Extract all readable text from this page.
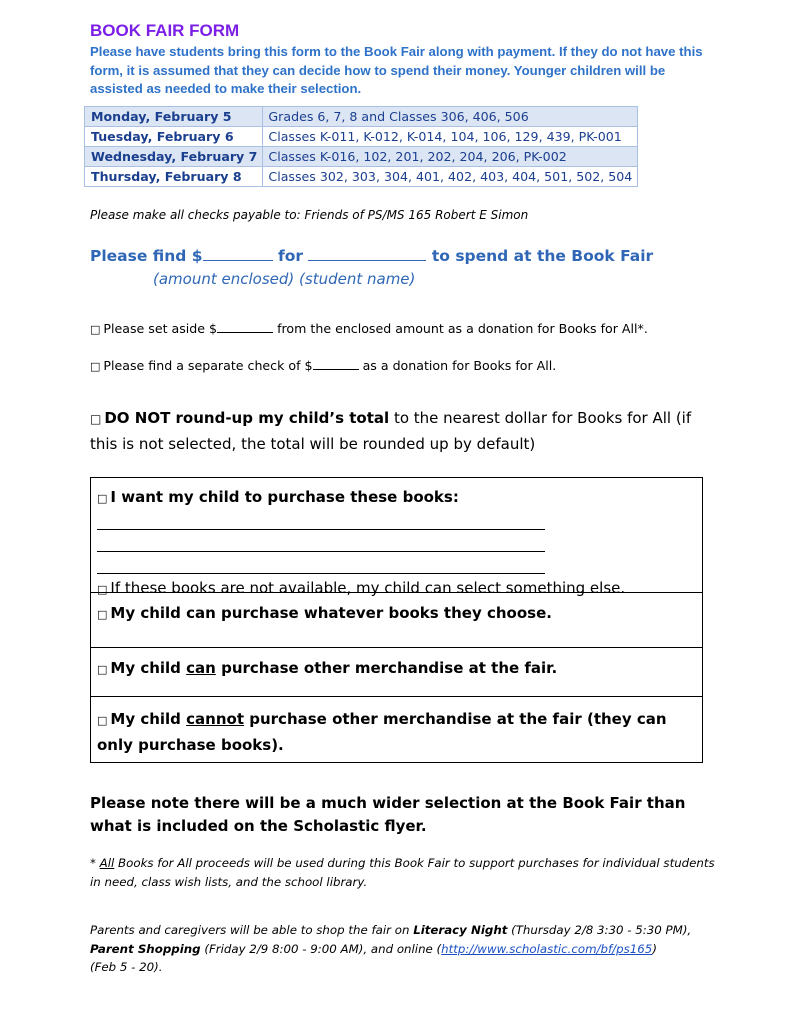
BOOK FAIR FORM
Please have students bring this form to the Book Fair along with payment. If they do not have this form, it is assumed that they can decide how to spend their money. Younger children will be assisted as needed to make their selection.
Monday, February 5	Grades 6, 7, 8 and Classes 306, 406, 506
Tuesday, February 6	Classes K-011, K-012, K-014, 104, 106, 129, 439, PK-001
Wednesday, February 7	Classes K-016, 102, 201, 202, 204, 206, PK-002
Thursday, February 8	Classes 302, 303, 304, 401, 402, 403, 404, 501, 502, 504
Please make all checks payable to: Friends of PS/MS 165 Robert E Simon
Please find $	for	to spend at the Book Fair
(amount enclosed) (student name)
□ Please set aside $	from the enclosed amount as a donation for Books for All*.
□ Please find a separate check of $	as a donation for Books for All.
□ DO NOT round-up my child’s total to the nearest dollar for Books for All (if this is not selected, the total will be rounded up by default)
□ I want my child to purchase these books:
□ If these books are not available, my child can select something else.
□ My child can purchase whatever books they choose.
□ My child can purchase other merchandise at the fair.
□ My child cannot purchase other merchandise at the fair (they can only purchase books).
Please note there will be a much wider selection at the Book Fair than what is included on the Scholastic flyer.
* All Books for All proceeds will be used during this Book Fair to support purchases for individual students in need, class wish lists, and the school library.
Parents and caregivers will be able to shop the fair on Literacy Night (Thursday 2/8 3:30 - 5:30 PM),
Parent Shopping (Friday 2/9 8:00 - 9:00 AM), and online (http://www.scholastic.com/bf/ps165)
(Feb 5 - 20).
